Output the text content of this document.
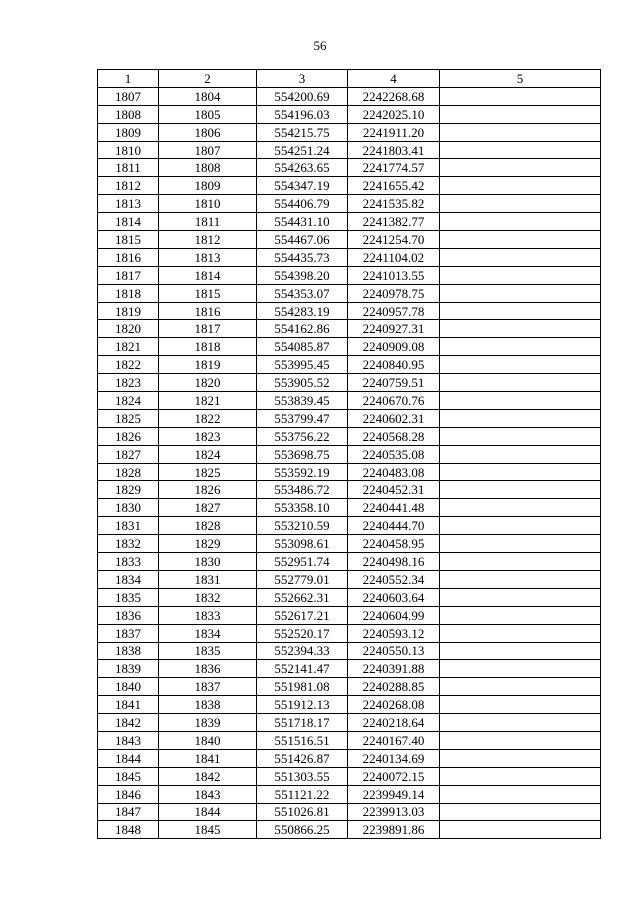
56
1	2	3	4	5
1807	1804	554200.69	2242268.68	
1808	1805	554196.03	2242025.10	
1809	1806	554215.75	2241911.20	
1810	1807	554251.24	2241803.41	
1811	1808	554263.65	2241774.57	
1812	1809	554347.19	2241655.42	
1813	1810	554406.79	2241535.82	
1814	1811	554431.10	2241382.77	
1815	1812	554467.06	2241254.70	
1816	1813	554435.73	2241104.02	
1817	1814	554398.20	2241013.55	
1818	1815	554353.07	2240978.75	
1819	1816	554283.19	2240957.78	
1820	1817	554162.86	2240927.31	
1821	1818	554085.87	2240909.08	
1822	1819	553995.45	2240840.95	
1823	1820	553905.52	2240759.51	
1824	1821	553839.45	2240670.76	
1825	1822	553799.47	2240602.31	
1826	1823	553756.22	2240568.28	
1827	1824	553698.75	2240535.08	
1828	1825	553592.19	2240483.08	
1829	1826	553486.72	2240452.31	
1830	1827	553358.10	2240441.48	
1831	1828	553210.59	2240444.70	
1832	1829	553098.61	2240458.95	
1833	1830	552951.74	2240498.16	
1834	1831	552779.01	2240552.34	
1835	1832	552662.31	2240603.64	
1836	1833	552617.21	2240604.99	
1837	1834	552520.17	2240593.12	
1838	1835	552394.33	2240550.13	
1839	1836	552141.47	2240391.88	
1840	1837	551981.08	2240288.85	
1841	1838	551912.13	2240268.08	
1842	1839	551718.17	2240218.64	
1843	1840	551516.51	2240167.40	
1844	1841	551426.87	2240134.69	
1845	1842	551303.55	2240072.15	
1846	1843	551121.22	2239949.14	
1847	1844	551026.81	2239913.03	
1848	1845	550866.25	2239891.86	
